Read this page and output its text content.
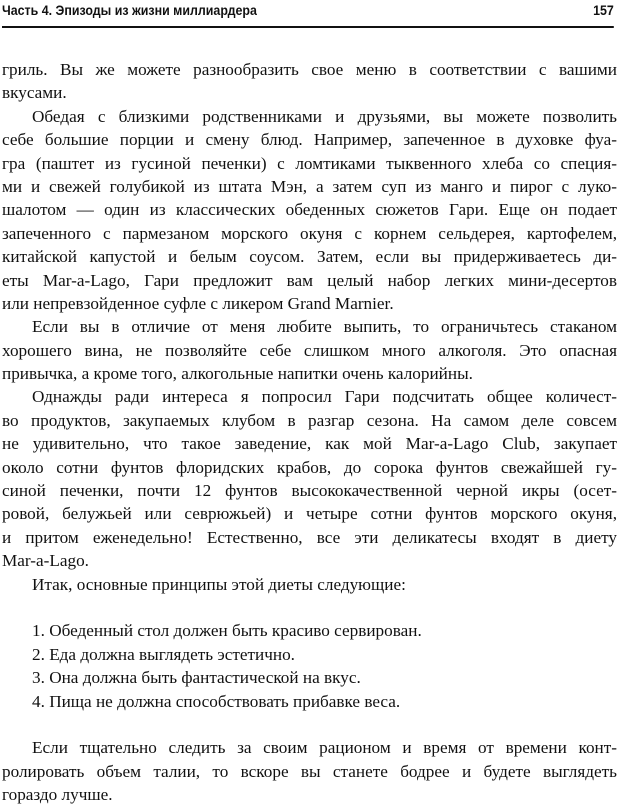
Часть 4. Эпизоды из жизни миллиардера	157
гриль. Вы же можете разнообразить свое меню в соответствии с вашими
вкусами.
Обедая с близкими родственниками и друзьями, вы можете позволить
себе большие порции и смену блюд. Например, запеченное в духовке фуа-
гра (паштет из гусиной печенки) с ломтиками тыквенного хлеба со специя-
ми и свежей голубикой из штата Мэн, а затем суп из манго и пирог с луко-
шалотом — один из классических обеденных сюжетов Гари. Еще он подает
запеченного с пармезаном морского окуня с корнем сельдерея, картофелем,
китайской капустой и белым соусом. Затем, если вы придерживаетесь ди-
еты Mar-a-Lago, Гари предложит вам целый набор легких мини-десертов
или непревзойденное суфле с ликером Grand Marnier.
Если вы в отличие от меня любите выпить, то ограничьтесь стаканом
хорошего вина, не позволяйте себе слишком много алкоголя. Это опасная
привычка, а кроме того, алкогольные напитки очень калорийны.
Однажды ради интереса я попросил Гари подсчитать общее количест-
во продуктов, закупаемых клубом в разгар сезона. На самом деле совсем
не удивительно, что такое заведение, как мой Mar-a-Lago Club, закупает
около сотни фунтов флоридских крабов, до сорока фунтов свежайшей гу-
синой печенки, почти 12 фунтов высококачественной черной икры (осет-
ровой, белужьей или севрюжьей) и четыре сотни фунтов морского окуня,
и притом еженедельно! Естественно, все эти деликатесы входят в диету
Mar-a-Lago.
Итак, основные принципы этой диеты следующие:
1. Обеденный стол должен быть красиво сервирован.
2. Еда должна выглядеть эстетично.
3. Она должна быть фантастической на вкус.
4. Пища не должна способствовать прибавке веса.
Если тщательно следить за своим рационом и время от времени конт-
ролировать объем талии, то вскоре вы станете бодрее и будете выглядеть
гораздо лучше.
